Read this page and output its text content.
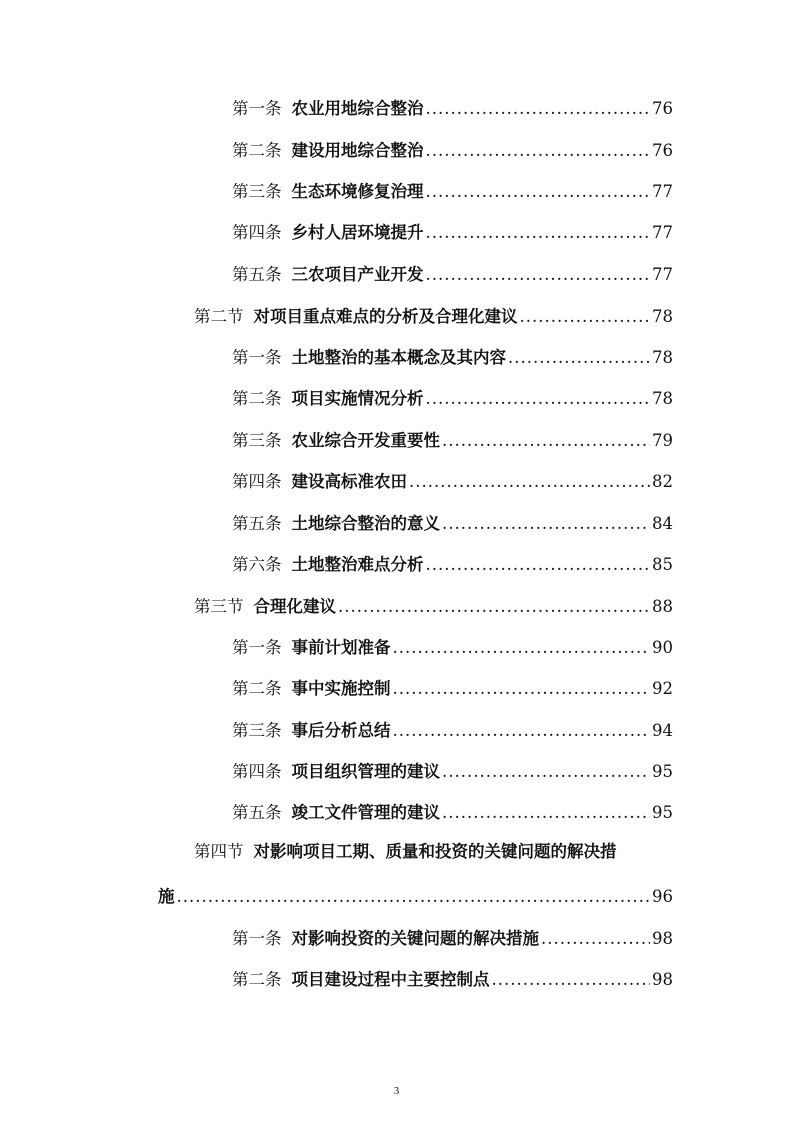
第一条 农业用地综合整治 .....	76
第二条 建设用地综合整治 .....	76
第三条 生态环境修复治理 .....	77
第四条 乡村人居环境提升 .....	77
第五条 三农项目产业开发 .....	77
第二节 对项目重点难点的分析及合理化建议 .....	78
第一条 土地整治的基本概念及其内容 .....	78
第二条 项目实施情况分析 .....	78
第三条 农业综合开发重要性 .....	79
第四条 建设高标准农田 .....	82
第五条 土地综合整治的意义 .....	84
第六条 土地整治难点分析 .....	85
第三节 合理化建议 .....	88
第一条 事前计划准备 .....	90
第二条 事中实施控制 .....	92
第三条 事后分析总结 .....	94
第四条 项目组织管理的建议 .....	95
第五条 竣工文件管理的建议 .....	95
第四节 对影响项目工期、质量和投资的关键问题的解决措
施 .....	96
第一条 对影响投资的关键问题的解决措施 .....	98
第二条 项目建设过程中主要控制点 .....	98
3
